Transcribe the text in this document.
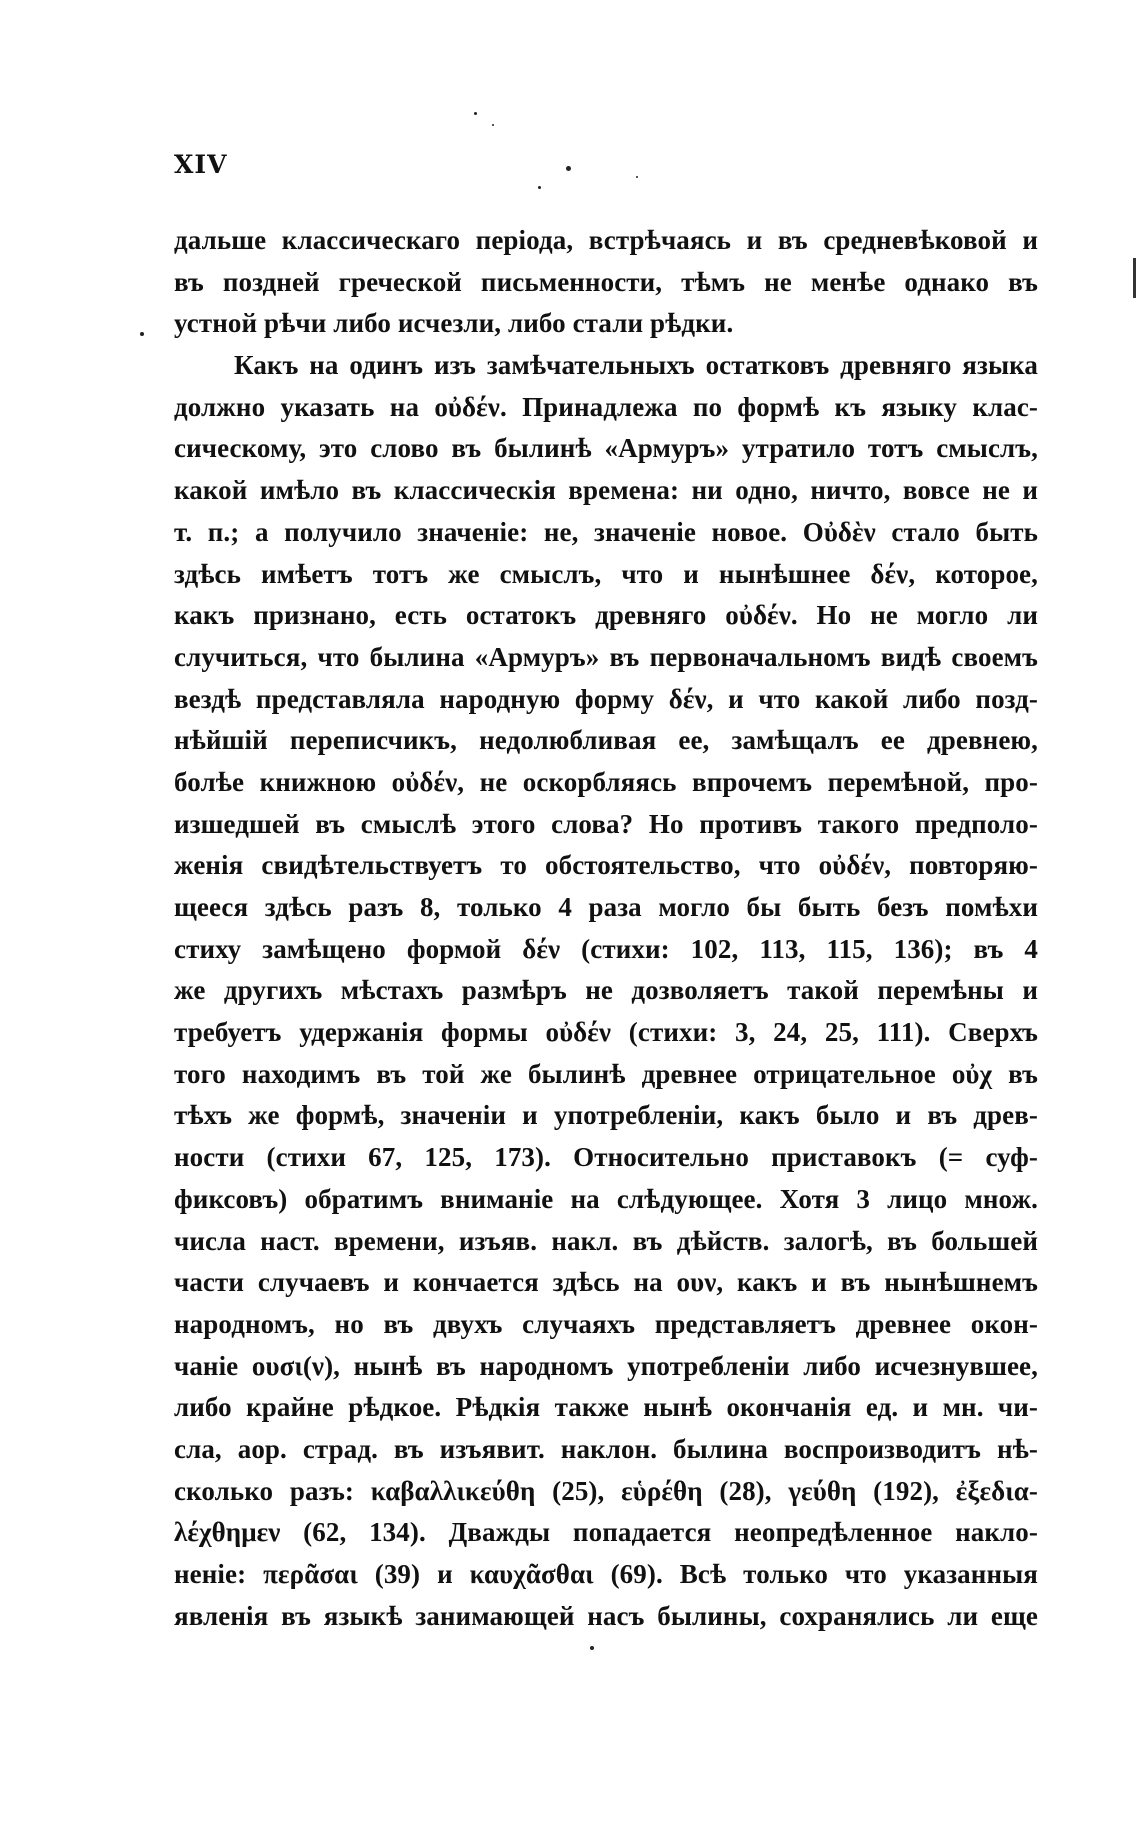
XIV
дальше классическаго періода, встрѣчаясь и въ средневѣковой и
въ поздней греческой письменности, тѣмъ не менѣе однако въ
устной рѣчи либо исчезли, либо стали рѣдки.
Какъ на одинъ изъ замѣчательныхъ остатковъ древняго языка
должно указать на οὐδέν. Принадлежа по формѣ къ языку клас-
сическому, это слово въ былинѣ «Армуръ» утратило тотъ смыслъ,
какой имѣло въ классическія времена: ни одно, ничто, вовсе не и
т. п.; а получило значеніе: не, значеніе новое. Οὐδὲν стало быть
здѣсь имѣетъ тотъ же смыслъ, что и нынѣшнее δέν, которое,
какъ признано, есть остатокъ древняго οὐδέν. Но не могло ли
случиться, что былина «Армуръ» въ первоначальномъ видѣ своемъ
вездѣ представляла народную форму δέν, и что какой либо позд-
нѣйшій переписчикъ, недолюбливая ее, замѣщалъ ее древнею,
болѣе книжною οὐδέν, не оскорбляясь впрочемъ перемѣной, про-
изшедшей въ смыслѣ этого слова? Но противъ такого предполо-
женія свидѣтельствуетъ то обстоятельство, что οὐδέν, повторяю-
щееся здѣсь разъ 8, только 4 раза могло бы быть безъ помѣхи
стиху замѣщено формой δέν (стихи: 102, 113, 115, 136); въ 4
же другихъ мѣстахъ размѣръ не дозволяетъ такой перемѣны и
требуетъ удержанія формы οὐδέν (стихи: 3, 24, 25, 111). Сверхъ
того находимъ въ той же былинѣ древнее отрицательное οὐχ въ
тѣхъ же формѣ, значеніи и употребленіи, какъ было и въ древ-
ности (стихи 67, 125, 173). Относительно приставокъ (= суф-
фиксовъ) обратимъ вниманіе на слѣдующее. Хотя 3 лицо множ.
числа наст. времени, изъяв. накл. въ дѣйств. залогѣ, въ большей
части случаевъ и кончается здѣсь на ουν, какъ и въ нынѣшнемъ
народномъ, но въ двухъ случаяхъ представляетъ древнее окон-
чаніе ουσι(ν), нынѣ въ народномъ употребленіи либо исчезнувшее,
либо крайне рѣдкое. Рѣдкія также нынѣ окончанія ед. и мн. чи-
сла, аор. страд. въ изъявит. наклон. былина воспроизводитъ нѣ-
сколько разъ: καβαλλικεύθη (25), εὑρέθη (28), γεύθη (192), ἐξεδια-
λέχθημεν (62, 134). Дважды попадается неопредѣленное накло-
неніе: περᾶσαι (39) и καυχᾶσθαι (69). Всѣ только что указанныя
явленія въ языкѣ занимающей насъ былины, сохранялись ли еще
